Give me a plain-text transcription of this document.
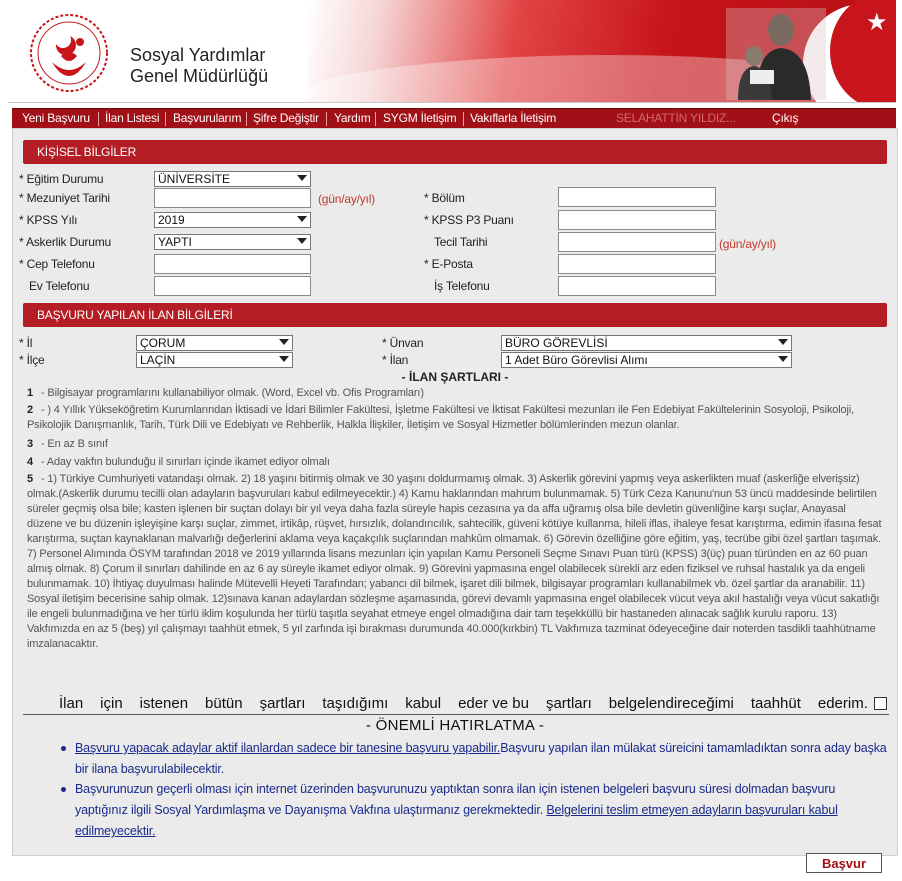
Sosyal Yardımlar
Genel Müdürlüğü
★
Yeni Başvuru İlan Listesi Başvurularım Şifre Değiştir Yardım SYGM İletişim Vakıflarla İletişim	SELAHATTİN YILDIZ...	Çıkış
KİŞİSEL BİLGİLER
* Eğitim Durumu	ÜNİVERSİTE
* Mezuniyet Tarihi	(gün/ay/yıl)	* Bölüm
* KPSS Yılı	2019	* KPSS P3 Puanı
* Askerlik Durumu	YAPTI	Tecil Tarihi	(gün/ay/yıl)
* Cep Telefonu	* E-Posta
Ev Telefonu	İş Telefonu
BAŞVURU YAPILAN İLAN BİLGİLERİ
* İl	ÇORUM	* Ünvan	BÜRO GÖREVLİSİ
* İlçe	LAÇİN	* İlan	1 Adet Büro Görevlisi Alımı
- İLAN ŞARTLARI -
1 - Bilgisayar programlarını kullanabiliyor olmak. (Word, Excel vb. Ofis Programları)
2 - ) 4 Yıllık Yükseköğretim Kurumlarından İktisadi ve İdari Bilimler Fakültesi, İşletme Fakültesi ve İktisat Fakültesi mezunları ile Fen Edebiyat Fakültelerinin Sosyoloji, Psikoloji, Psikolojik Danışmanlık, Tarih, Türk Dili ve Edebiyatı ve Rehberlik, Halkla İlişkiler, İletişim ve Sosyal Hizmetler bölümlerinden mezun olanlar.
3 - En az B sınıf
4 - Aday vakfın bulunduğu il sınırları içinde ikamet ediyor olmalı
5 - 1) Türkiye Cumhuriyeti vatandaşı olmak. 2) 18 yaşını bitirmiş olmak ve 30 yaşını doldurmamış olmak. 3) Askerlik görevini yapmış veya askerlikten muaf (askerliğe elverişsiz) olmak.(Askerlik durumu tecilli olan adayların başvuruları kabul edilmeyecektir.) 4) Kamu haklarından mahrum bulunmamak. 5) Türk Ceza Kanunu'nun 53 üncü maddesinde belirtilen süreler geçmiş olsa bile; kasten işlenen bir suçtan dolayı bir yıl veya daha fazla süreyle hapis cezasına ya da affa uğramış olsa bile devletin güvenliğine karşı suçlar, Anayasal düzene ve bu düzenin işleyişine karşı suçlar, zimmet, irtikâp, rüşvet, hırsızlık, dolandırıcılık, sahtecilik, güveni kötüye kullanma, hileli iflas, ihaleye fesat karıştırma, edimin ifasına fesat karıştırma, suçtan kaynaklanan malvarlığı değerlerini aklama veya kaçakçılık suçlarından mahkûm olmamak. 6) Görevin özelliğine göre eğitim, yaş, tecrübe gibi özel şartları taşımak. 7) Personel Alımında ÖSYM tarafından 2018 ve 2019 yıllarında lisans mezunları için yapılan Kamu Personeli Seçme Sınavı Puan türü (KPSS) 3(üç) puan türünden en az 60 puan almış olmak. 8) Çorum il sınırları dahilinde en az 6 ay süreyle ikamet ediyor olmak. 9) Görevini yapmasına engel olabilecek sürekli arz eden fiziksel ve ruhsal hastalık ya da engeli bulunmamak. 10) İhtiyaç duyulması halinde Mütevelli Heyeti Tarafından; yabancı dil bilmek, işaret dili bilmek, bilgisayar programları kullanabilmek vb. özel şartlar da aranabilir. 11) Sosyal iletişim becerisine sahip olmak. 12)sınava kanan adaylardan sözleşme aşamasında, görevi devamlı yapmasına engel olabilecek vücut veya akıl hastalığı veya vücut sakatlığı ile engeli bulunmadığına ve her türlü iklim koşulunda her türlü taşıtla seyahat etmeye engel olmadığına dair tam teşekküllü bir hastaneden alınacak sağlık kurulu raporu. 13) Vakfımızda en az 5 (beş) yıl çalışmayı taahhüt etmek, 5 yıl zarfında işi bırakması durumunda 40.000(kırkbin) TL Vakfımıza tazminat ödeyeceğine dair noterden tasdikli taahhütname imzalanacaktır.
İlan için istenen bütün şartları taşıdığımı kabul eder ve bu şartları belgelendireceğimi taahhüt ederim.
- ÖNEMLİ HATIRLATMA -
Başvuru yapacak adaylar aktif ilanlardan sadece bir tanesine başvuru yapabilir.Başvuru yapılan ilan mülakat süreicini tamamladıktan sonra aday başka bir ilana başvurulabilecektir.
Başvurunuzun geçerli olması için internet üzerinden başvurunuzu yaptıktan sonra ilan için istenen belgeleri başvuru süresi dolmadan başvuru yaptığınız ilgili Sosyal Yardımlaşma ve Dayanışma Vakfına ulaştırmanız gerekmektedir. Belgelerini teslim etmeyen adayların başvuruları kabul edilmeyecektir.
Başvur
